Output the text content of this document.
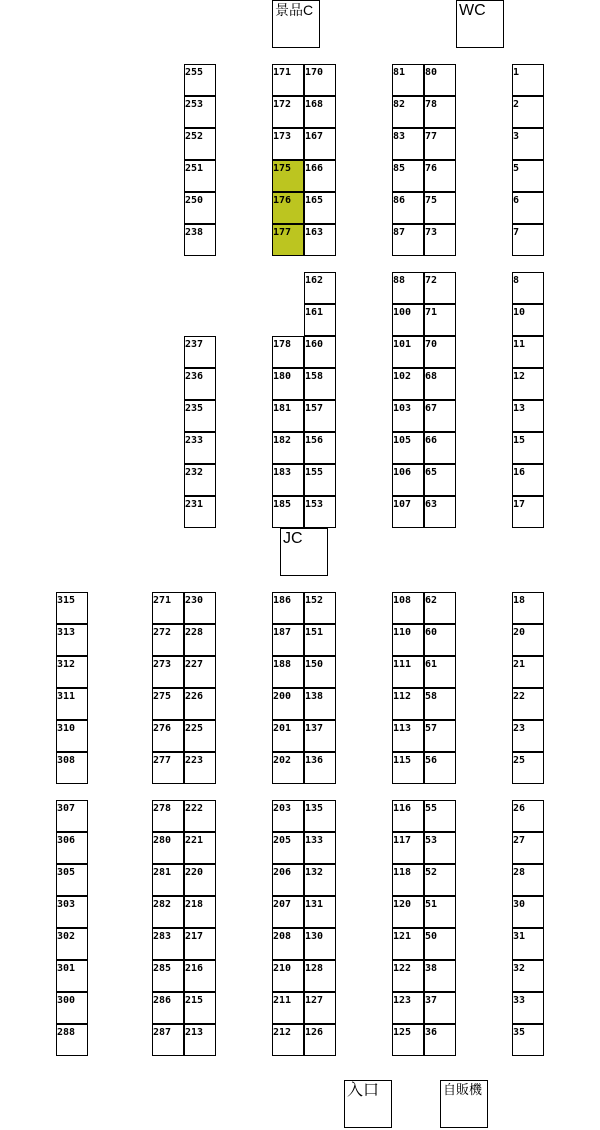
景品C	WC
JC
入口	自販機
255
253
252
251
250
238
237
236
235
233
232
231
171
172
173
175
176
177
170
168
167
166
165
163
162
161
160
158
157
156
155
153
81
82
83
85
86
87
88
100
101
102
103
105
106
107
80
78
77
76
75
73
72
71
70
68
67
66
65
63
1
2
3
5
6
7
8
10
11
12
13
15
16
17
178
180
181
182
183
185
315
313
312
311
310
308
307
306
305
303
302
301
300
288
271
272
273
275
276
277
278
280
281
282
283
285
286
287
230
228
227
226
225
223
222
221
220
218
217
216
215
213
186
187
188
200
201
202
203
205
206
207
208
210
211
212
152
151
150
138
137
136
135
133
132
131
130
128
127
126
108
110
111
112
113
115
116
117
118
120
121
122
123
125
62
60
61
58
57
56
55
53
52
51
50
38
37
36
18
20
21
22
23
25
26
27
28
30
31
32
33
35
